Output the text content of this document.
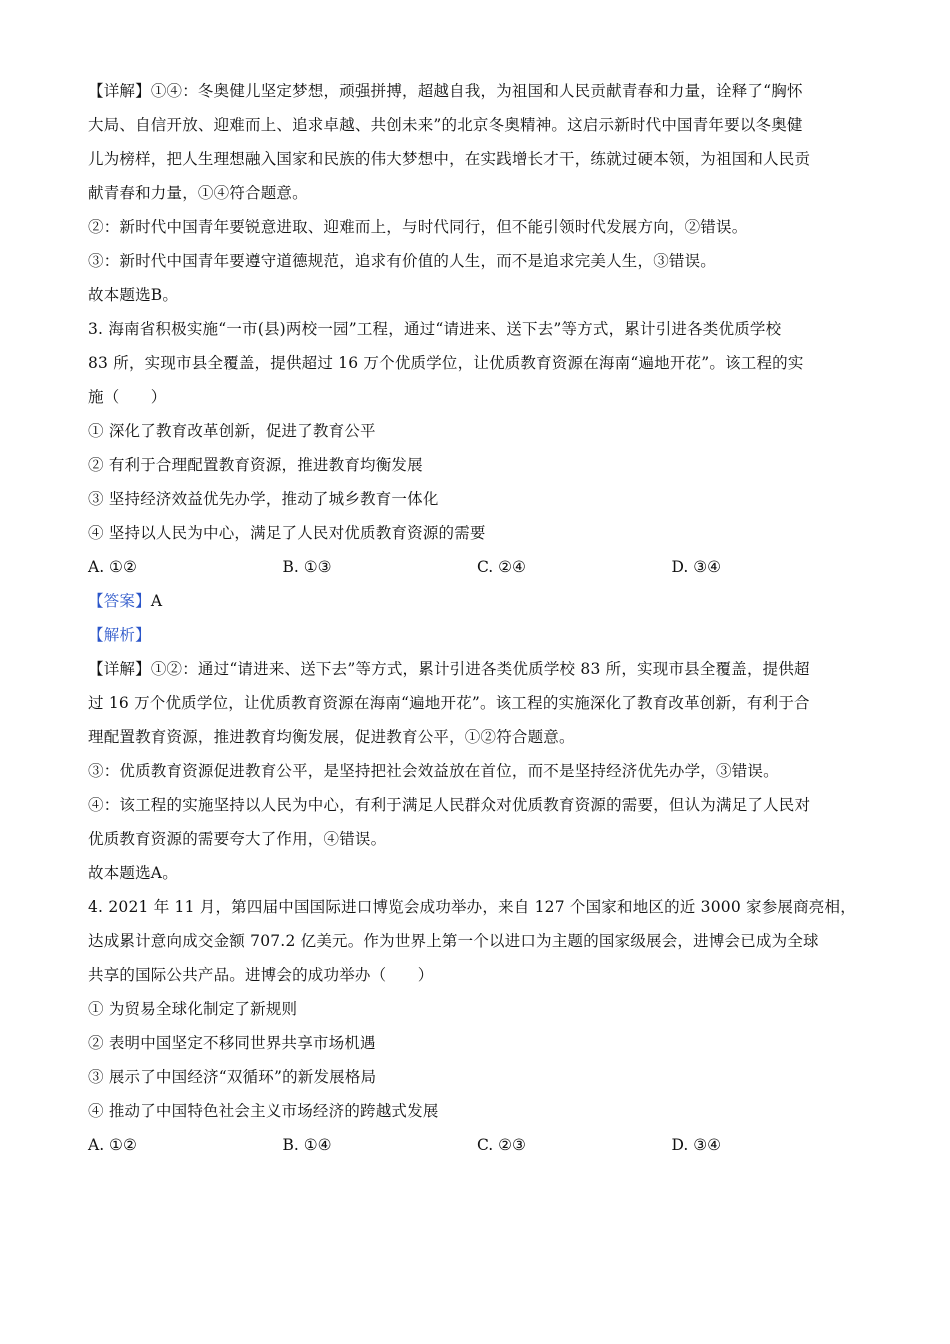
【详解】①④：冬奥健儿坚定梦想，顽强拼搏，超越自我，为祖国和人民贡献青春和力量，诠释了“胸怀
大局、自信开放、迎难而上、追求卓越、共创未来”的北京冬奥精神。这启示新时代中国青年要以冬奥健
儿为榜样，把人生理想融入国家和民族的伟大梦想中，在实践增长才干，练就过硬本领，为祖国和人民贡
献青春和力量，①④符合题意。
②：新时代中国青年要锐意进取、迎难而上，与时代同行，但不能引领时代发展方向，②错误。
③：新时代中国青年要遵守道德规范，追求有价值的人生，而不是追求完美人生，③错误。
故本题选B。
3. 海南省积极实施“一市(县)两校一园”工程，通过“请进来、送下去”等方式，累计引进各类优质学校
83 所，实现市县全覆盖，提供超过 16 万个优质学位，让优质教育资源在海南“遍地开花”。该工程的实
施（　　）
① 深化了教育改革创新，促进了教育公平
② 有利于合理配置教育资源，推进教育均衡发展
③ 坚持经济效益优先办学，推动了城乡教育一体化
④ 坚持以人民为中心，满足了人民对优质教育资源的需要
A. ①②	B. ①③	C. ②④	D. ③④
【答案】A
【解析】
【详解】①②：通过“请进来、送下去”等方式，累计引进各类优质学校 83 所，实现市县全覆盖，提供超
过 16 万个优质学位，让优质教育资源在海南“遍地开花”。该工程的实施深化了教育改革创新，有利于合
理配置教育资源，推进教育均衡发展，促进教育公平，①②符合题意。
③：优质教育资源促进教育公平，是坚持把社会效益放在首位，而不是坚持经济优先办学，③错误。
④：该工程的实施坚持以人民为中心，有利于满足人民群众对优质教育资源的需要，但认为满足了人民对
优质教育资源的需要夸大了作用，④错误。
故本题选A。
4. 2021 年 11 月，第四届中国国际进口博览会成功举办，来自 127 个国家和地区的近 3000 家参展商亮相，
达成累计意向成交金额 707.2 亿美元。作为世界上第一个以进口为主题的国家级展会，进博会已成为全球
共享的国际公共产品。进博会的成功举办（　　）
① 为贸易全球化制定了新规则
② 表明中国坚定不移同世界共享市场机遇
③ 展示了中国经济“双循环”的新发展格局
④ 推动了中国特色社会主义市场经济的跨越式发展
A. ①②	B. ①④	C. ②③	D. ③④
